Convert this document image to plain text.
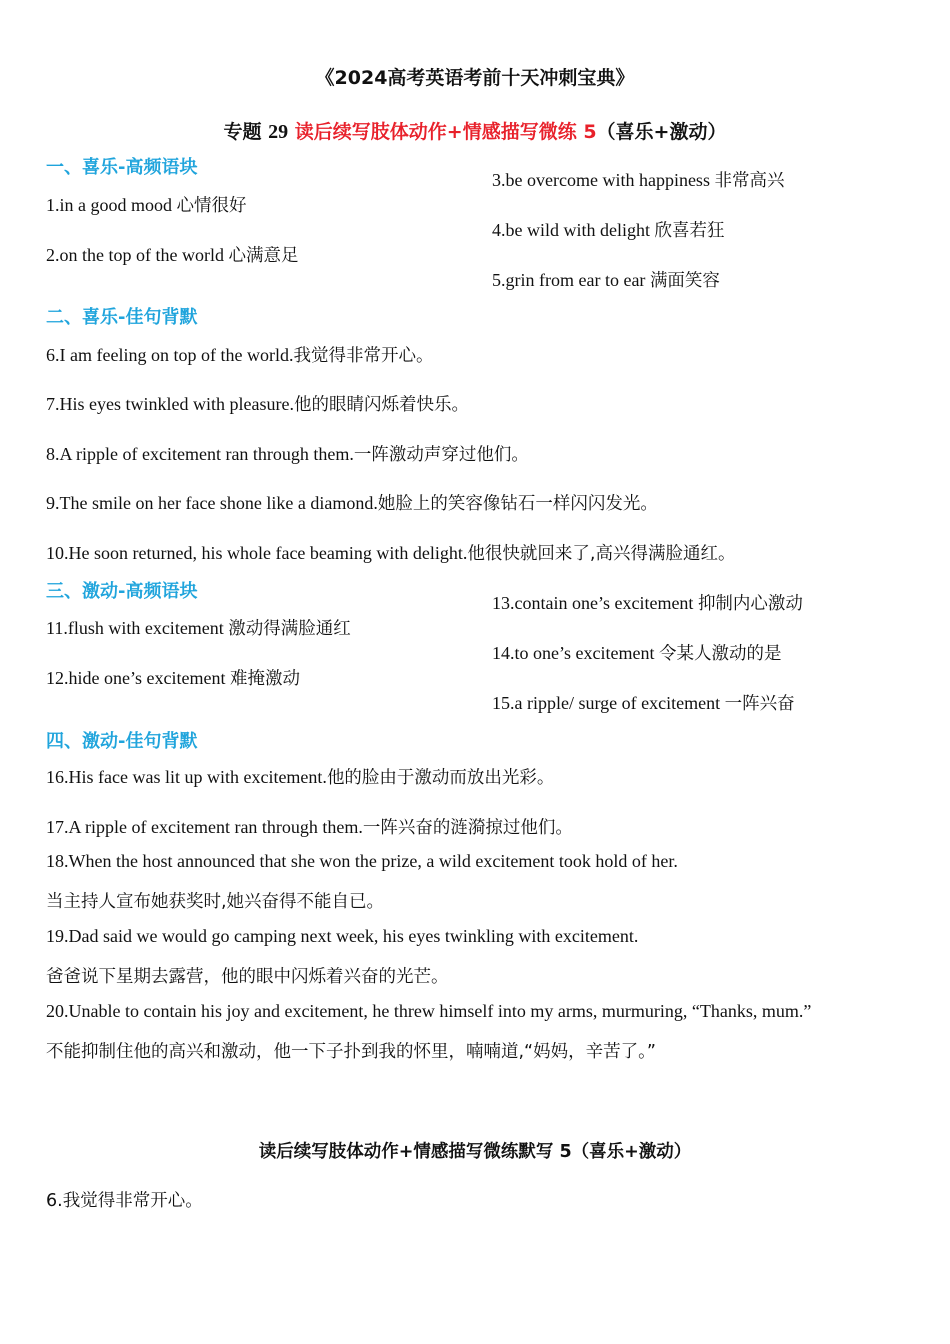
《2024高考英语考前十天冲刺宝典》
专题 29 读后续写肢体动作+情感描写微练 5（喜乐+激动）
一、喜乐-高频语块
1.in a good mood 心情很好
2.on the top of the world 心满意足
3.be overcome with happiness 非常高兴
4.be wild with delight 欣喜若狂
5.grin from ear to ear 满面笑容
二、喜乐-佳句背默
6.I am feeling on top of the world.我觉得非常开心。
7.His eyes twinkled with pleasure.他的眼睛闪烁着快乐。
8.A ripple of excitement ran through them.一阵激动声穿过他们。
9.The smile on her face shone like a diamond.她脸上的笑容像钻石一样闪闪发光。
10.He soon returned, his whole face beaming with delight.他很快就回来了,高兴得满脸通红。
三、激动-高频语块
11.flush with excitement 激动得满脸通红
12.hide one’s excitement 难掩激动
13.contain one’s excitement 抑制内心激动
14.to one’s excitement 令某人激动的是
15.a ripple/ surge of excitement 一阵兴奋
四、激动-佳句背默
16.His face was lit up with excitement.他的脸由于激动而放出光彩。
17.A ripple of excitement ran through them.一阵兴奋的涟漪掠过他们。
18.When the host announced that she won the prize, a wild excitement took hold of her.
当主持人宣布她获奖时,她兴奋得不能自已。
19.Dad said we would go camping next week, his eyes twinkling with excitement.
爸爸说下星期去露营，他的眼中闪烁着兴奋的光芒。
20.Unable to contain his joy and excitement, he threw himself into my arms, murmuring, “Thanks, mum.”
不能抑制住他的高兴和激动，他一下子扑到我的怀里，喃喃道,“妈妈，辛苦了。”
读后续写肢体动作+情感描写微练默写 5（喜乐+激动）
6.我觉得非常开心。
